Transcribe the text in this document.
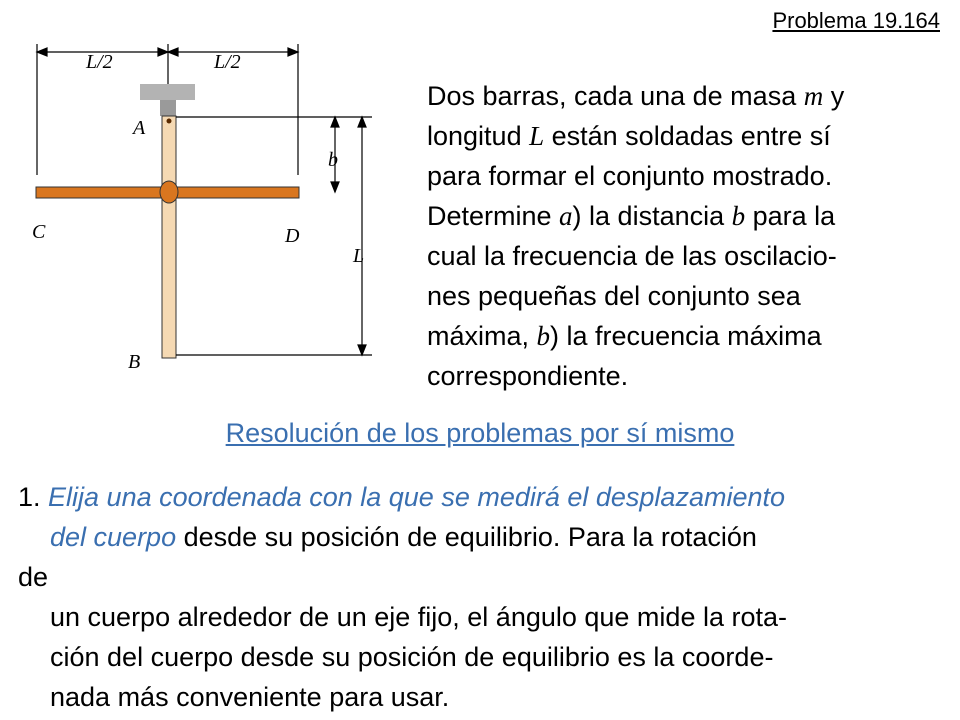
Problema 19.164
L/2	L/2
b
L
A
B
C	D
Dos barras, cada una de masa m y
longitud L están soldadas entre sí
para formar el conjunto mostrado.
Determine a) la distancia b para la
cual la frecuencia de las oscilacio-
nes pequeñas del conjunto sea
máxima, b) la frecuencia máxima
correspondiente.
Resolución de los problemas por sí mismo
1. Elija una coordenada con la que se medirá el desplazamiento
del cuerpo desde su posición de equilibrio. Para la rotación
de
un cuerpo alrededor de un eje fijo, el ángulo que mide la rota-
ción del cuerpo desde su posición de equilibrio es la coorde-
nada más conveniente para usar.
